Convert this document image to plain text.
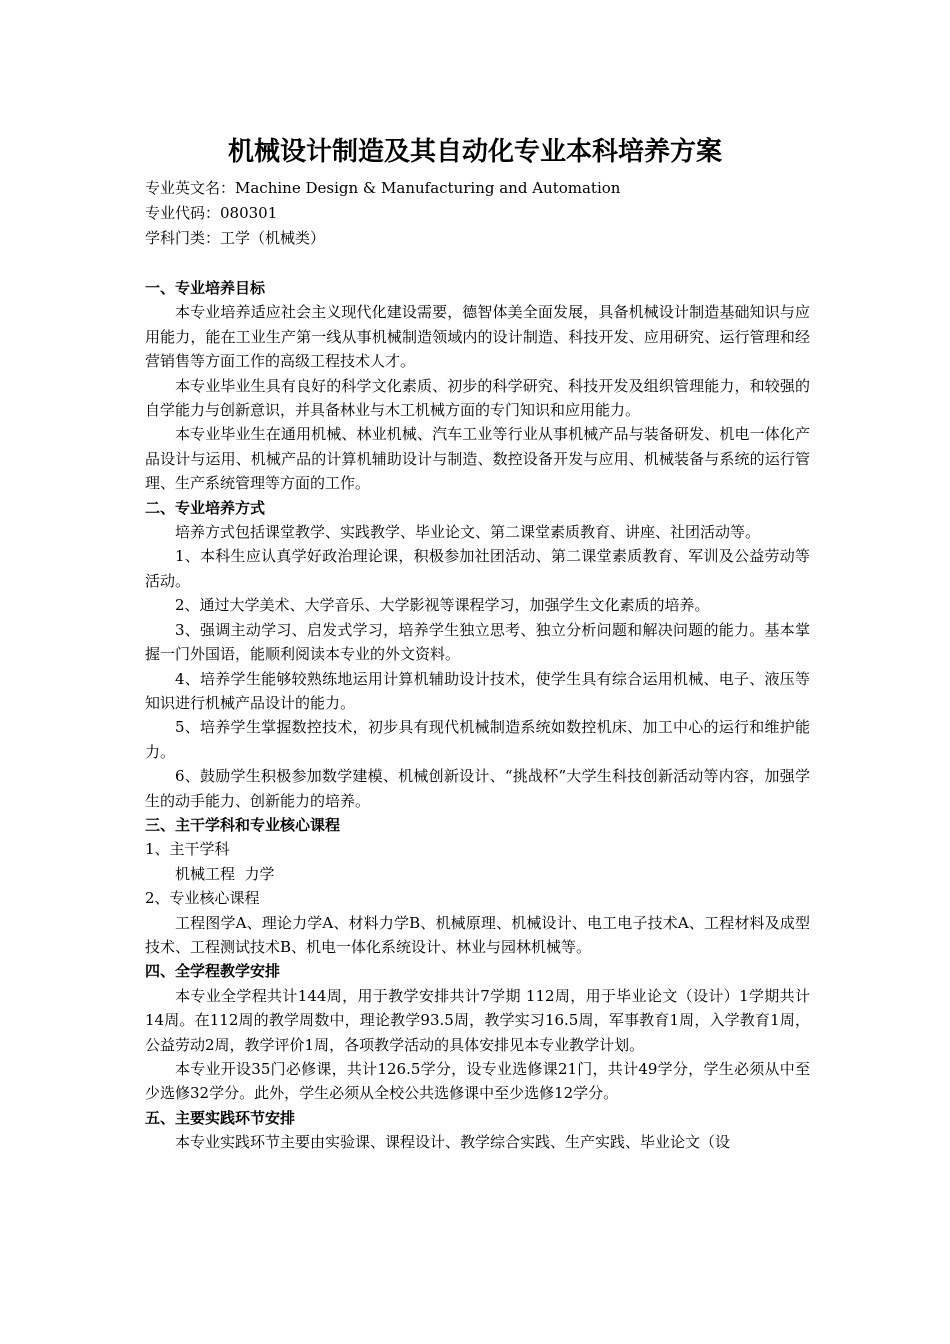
机械设计制造及其自动化专业本科培养方案
专业英文名：Machine Design & Manufacturing and Automation
专业代码：080301
学科门类：工学（机械类）
一、专业培养目标
本专业培养适应社会主义现代化建设需要，德智体美全面发展，具备机械设计制造基础知识与应用能力，能在工业生产第一线从事机械制造领域内的设计制造、科技开发、应用研究、运行管理和经营销售等方面工作的高级工程技术人才。
本专业毕业生具有良好的科学文化素质、初步的科学研究、科技开发及组织管理能力，和较强的自学能力与创新意识，并具备林业与木工机械方面的专门知识和应用能力。
本专业毕业生在通用机械、林业机械、汽车工业等行业从事机械产品与装备研发、机电一体化产品设计与运用、机械产品的计算机辅助设计与制造、数控设备开发与应用、机械装备与系统的运行管理、生产系统管理等方面的工作。
二、专业培养方式
培养方式包括课堂教学、实践教学、毕业论文、第二课堂素质教育、讲座、社团活动等。
1、本科生应认真学好政治理论课，积极参加社团活动、第二课堂素质教育、军训及公益劳动等活动。
2、通过大学美术、大学音乐、大学影视等课程学习，加强学生文化素质的培养。
3、强调主动学习、启发式学习，培养学生独立思考、独立分析问题和解决问题的能力。基本掌握一门外国语，能顺利阅读本专业的外文资料。
4、培养学生能够较熟练地运用计算机辅助设计技术，使学生具有综合运用机械、电子、液压等知识进行机械产品设计的能力。
5、培养学生掌握数控技术，初步具有现代机械制造系统如数控机床、加工中心的运行和维护能力。
6、鼓励学生积极参加数学建模、机械创新设计、“挑战杯”大学生科技创新活动等内容，加强学生的动手能力、创新能力的培养。
三、主干学科和专业核心课程
1、主干学科
机械工程  力学
2、专业核心课程
工程图学A、理论力学A、材料力学B、机械原理、机械设计、电工电子技术A、工程材料及成型技术、工程测试技术B、机电一体化系统设计、林业与园林机械等。
四、全学程教学安排
本专业全学程共计144周，用于教学安排共计7学期 112周，用于毕业论文（设计）1学期共计14周。在112周的教学周数中，理论教学93.5周，教学实习16.5周，军事教育1周，入学教育1周，公益劳动2周，教学评价1周，各项教学活动的具体安排见本专业教学计划。
本专业开设35门必修课，共计126.5学分，设专业选修课21门，共计49学分，学生必须从中至少选修32学分。此外，学生必须从全校公共选修课中至少选修12学分。
五、主要实践环节安排
本专业实践环节主要由实验课、课程设计、教学综合实践、生产实践、毕业论文（设
